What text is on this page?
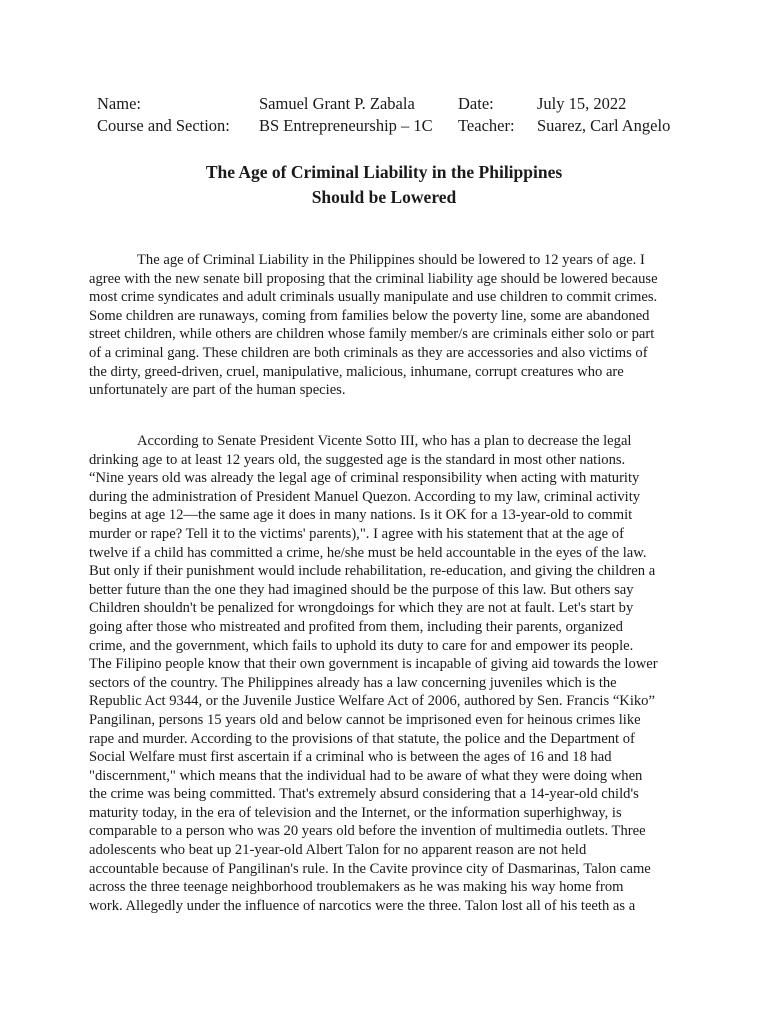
Name:	Samuel Grant P. Zabala	Date:	July 15, 2022
Course and Section: BS Entrepreneurship – 1C Teacher: Suarez, Carl Angelo
The Age of Criminal Liability in the Philippines
Should be Lowered
The age of Criminal Liability in the Philippines should be lowered to 12 years of age. I
agree with the new senate bill proposing that the criminal liability age should be lowered because
most crime syndicates and adult criminals usually manipulate and use children to commit crimes.
Some children are runaways, coming from families below the poverty line, some are abandoned
street children, while others are children whose family member/s are criminals either solo or part
of a criminal gang. These children are both criminals as they are accessories and also victims of
the dirty, greed-driven, cruel, manipulative, malicious, inhumane, corrupt creatures who are
unfortunately are part of the human species.
According to Senate President Vicente Sotto III, who has a plan to decrease the legal
drinking age to at least 12 years old, the suggested age is the standard in most other nations.
“Nine years old was already the legal age of criminal responsibility when acting with maturity
during the administration of President Manuel Quezon. According to my law, criminal activity
begins at age 12—the same age it does in many nations. Is it OK for a 13-year-old to commit
murder or rape? Tell it to the victims' parents),". I agree with his statement that at the age of
twelve if a child has committed a crime, he/she must be held accountable in the eyes of the law.
But only if their punishment would include rehabilitation, re-education, and giving the children a
better future than the one they had imagined should be the purpose of this law. But others say
Children shouldn't be penalized for wrongdoings for which they are not at fault. Let's start by
going after those who mistreated and profited from them, including their parents, organized
crime, and the government, which fails to uphold its duty to care for and empower its people.
The Filipino people know that their own government is incapable of giving aid towards the lower
sectors of the country. The Philippines already has a law concerning juveniles which is the
Republic Act 9344, or the Juvenile Justice Welfare Act of 2006, authored by Sen. Francis “Kiko”
Pangilinan, persons 15 years old and below cannot be imprisoned even for heinous crimes like
rape and murder. According to the provisions of that statute, the police and the Department of
Social Welfare must first ascertain if a criminal who is between the ages of 16 and 18 had
"discernment," which means that the individual had to be aware of what they were doing when
the crime was being committed. That's extremely absurd considering that a 14-year-old child's
maturity today, in the era of television and the Internet, or the information superhighway, is
comparable to a person who was 20 years old before the invention of multimedia outlets. Three
adolescents who beat up 21-year-old Albert Talon for no apparent reason are not held
accountable because of Pangilinan's rule. In the Cavite province city of Dasmarinas, Talon came
across the three teenage neighborhood troublemakers as he was making his way home from
work. Allegedly under the influence of narcotics were the three. Talon lost all of his teeth as a
